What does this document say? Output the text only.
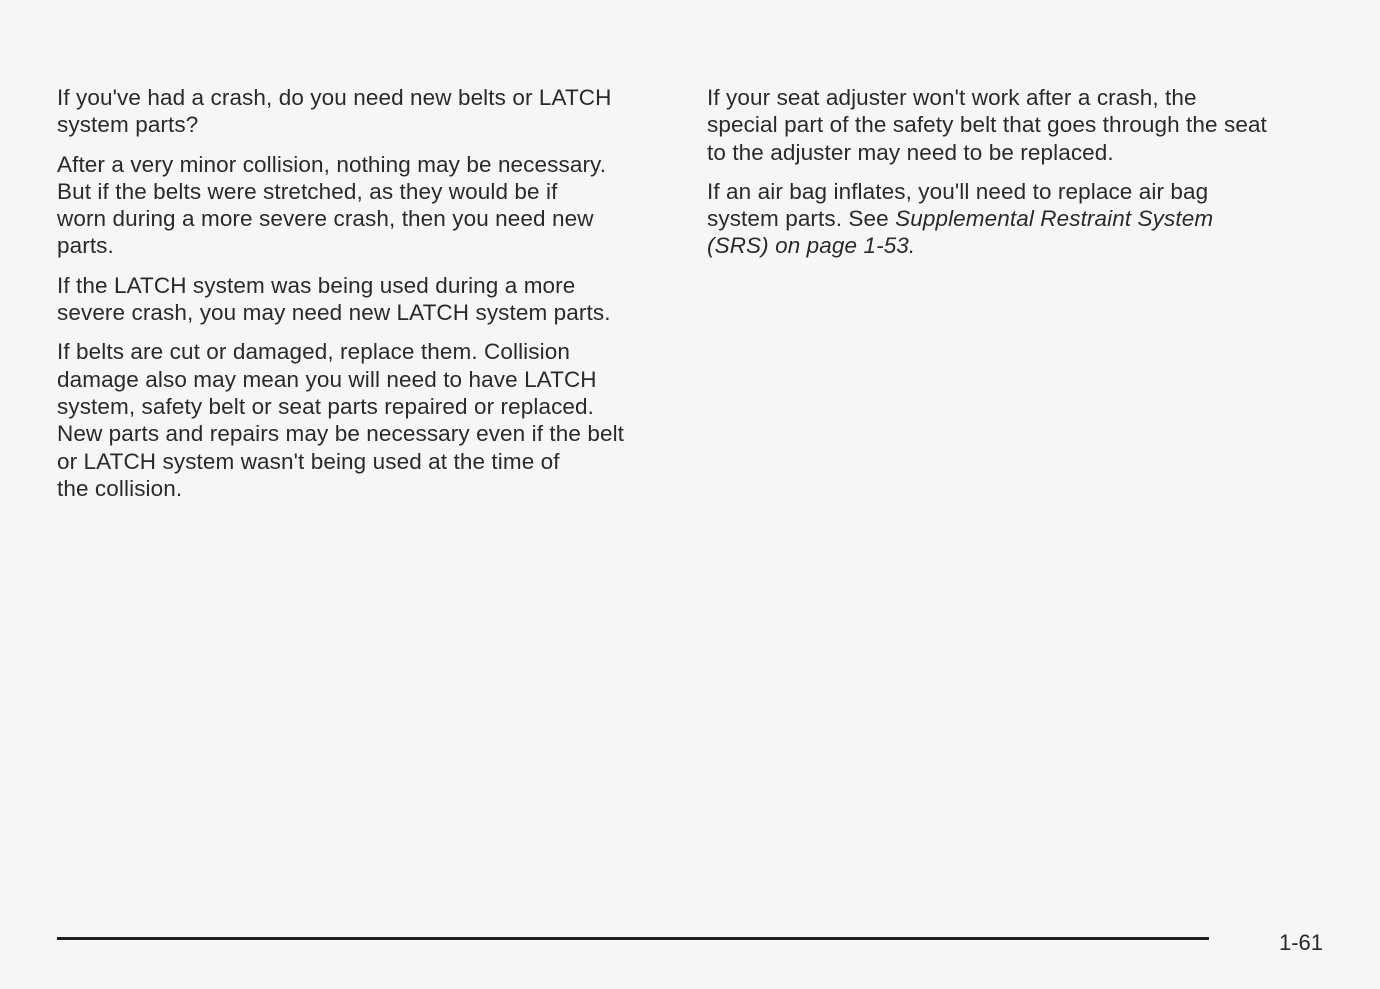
If you've had a crash, do you need new belts or LATCH
system parts?

After a very minor collision, nothing may be necessary.
But if the belts were stretched, as they would be if
worn during a more severe crash, then you need new
parts.

If the LATCH system was being used during a more
severe crash, you may need new LATCH system parts.

If belts are cut or damaged, replace them. Collision
damage also may mean you will need to have LATCH
system, safety belt or seat parts repaired or replaced.
New parts and repairs may be necessary even if the belt
or LATCH system wasn't being used at the time of
the collision.

If your seat adjuster won't work after a crash, the
special part of the safety belt that goes through the seat
to the adjuster may need to be replaced.

If an air bag inflates, you'll need to replace air bag
system parts. See Supplemental Restraint System
(SRS) on page 1-53.

1-61
